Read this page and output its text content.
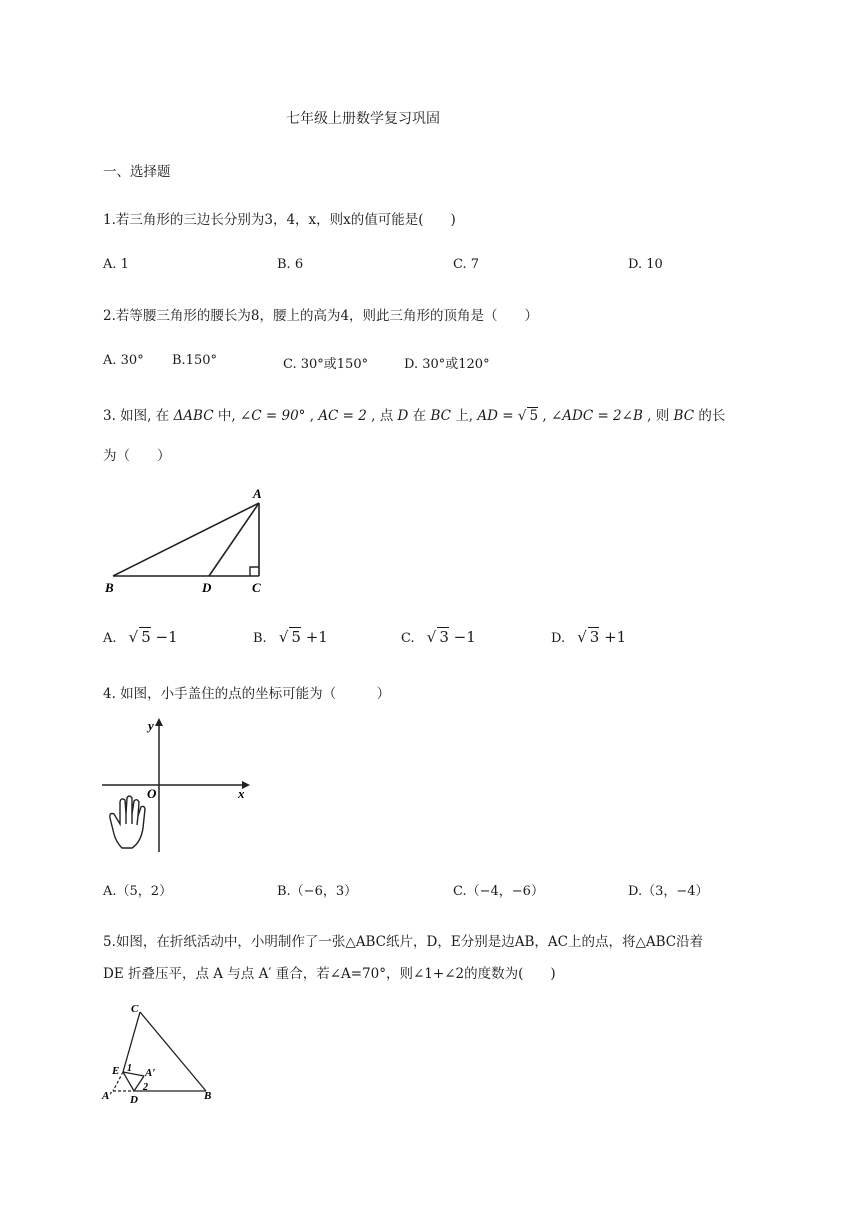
七年级上册数学复习巩固
一、选择题
1.若三角形的三边长分别为3，4，x，则x的值可能是(　　)
A. 1	B. 6	C. 7	D. 10
2.若等腰三角形的腰长为8，腰上的高为4，则此三角形的顶角是（　　）
A. 30° B.150°	C. 30°或150°	D. 30°或120°
3. 如图, 在 ΔABC 中, ∠C = 90° , AC = 2 , 点 D 在 BC 上, AD = √ 5 , ∠ADC = 2∠B , 则 BC 的长
为（　　）
A
B	D	C
A. √ 5 −1	B. √ 5 +1	C. √ 3 −1	D. √ 3 +1
4. 如图，小手盖住的点的坐标可能为（　　　）
y
x
O
A.（5，2）	B.（−6，3）	C.（−4，−6）	D.（3，−4）
5.如图，在折纸活动中，小明制作了一张△ABC纸片，D，E分别是边AB，AC上的点，将△ABC沿着
DE 折叠压平，点 A 与点 A′ 重合，若∠A=70°，则∠1+∠2的度数为(　　)
C
E 1 A′
2
A′ D	B
